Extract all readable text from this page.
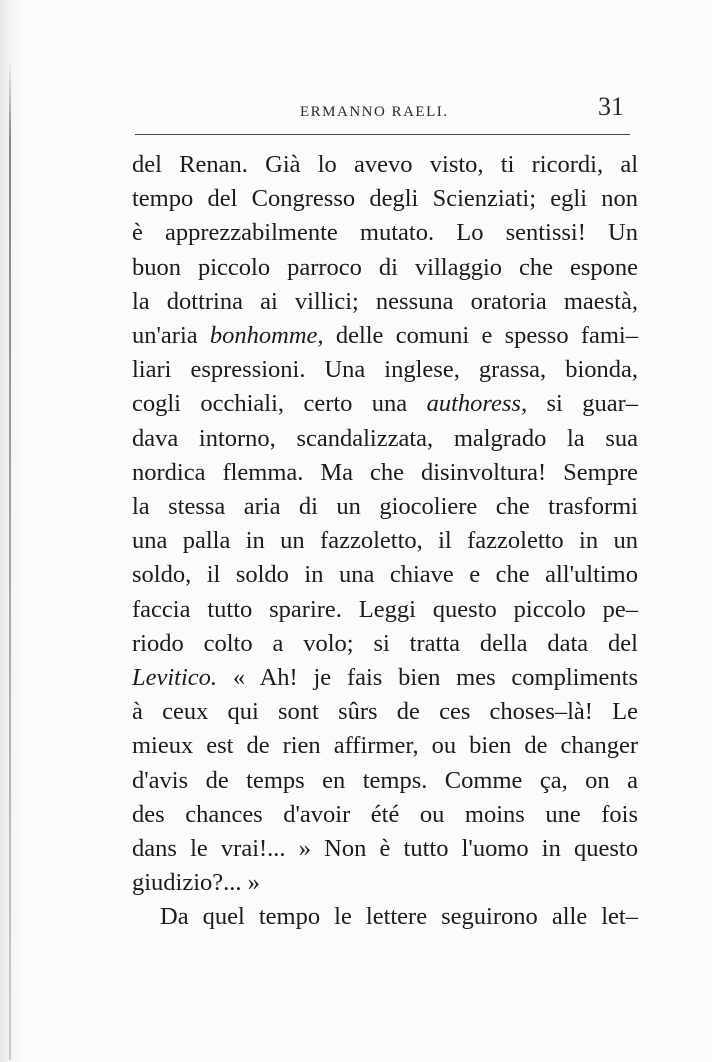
ERMANNO RAELI.	31
del Renan. Già lo avevo visto, ti ricordi, al
tempo del Congresso degli Scienziati; egli non
è apprezzabilmente mutato. Lo sentissi! Un
buon piccolo parroco di villaggio che espone
la dottrina ai villici; nessuna oratoria maestà,
un'aria bonhomme, delle comuni e spesso fami–
liari espressioni. Una inglese, grassa, bionda,
cogli occhiali, certo una authoress, si guar–
dava intorno, scandalizzata, malgrado la sua
nordica flemma. Ma che disinvoltura! Sempre
la stessa aria di un giocoliere che trasformi
una palla in un fazzoletto, il fazzoletto in un
soldo, il soldo in una chiave e che all'ultimo
faccia tutto sparire. Leggi questo piccolo pe–
riodo colto a volo; si tratta della data del
Levitico. « Ah! je fais bien mes compliments
à ceux qui sont sûrs de ces choses–là! Le
mieux est de rien affirmer, ou bien de changer
d'avis de temps en temps. Comme ça, on a
des chances d'avoir été ou moins une fois
dans le vrai!... » Non è tutto l'uomo in questo
giudizio?... »
Da quel tempo le lettere seguirono alle let–
